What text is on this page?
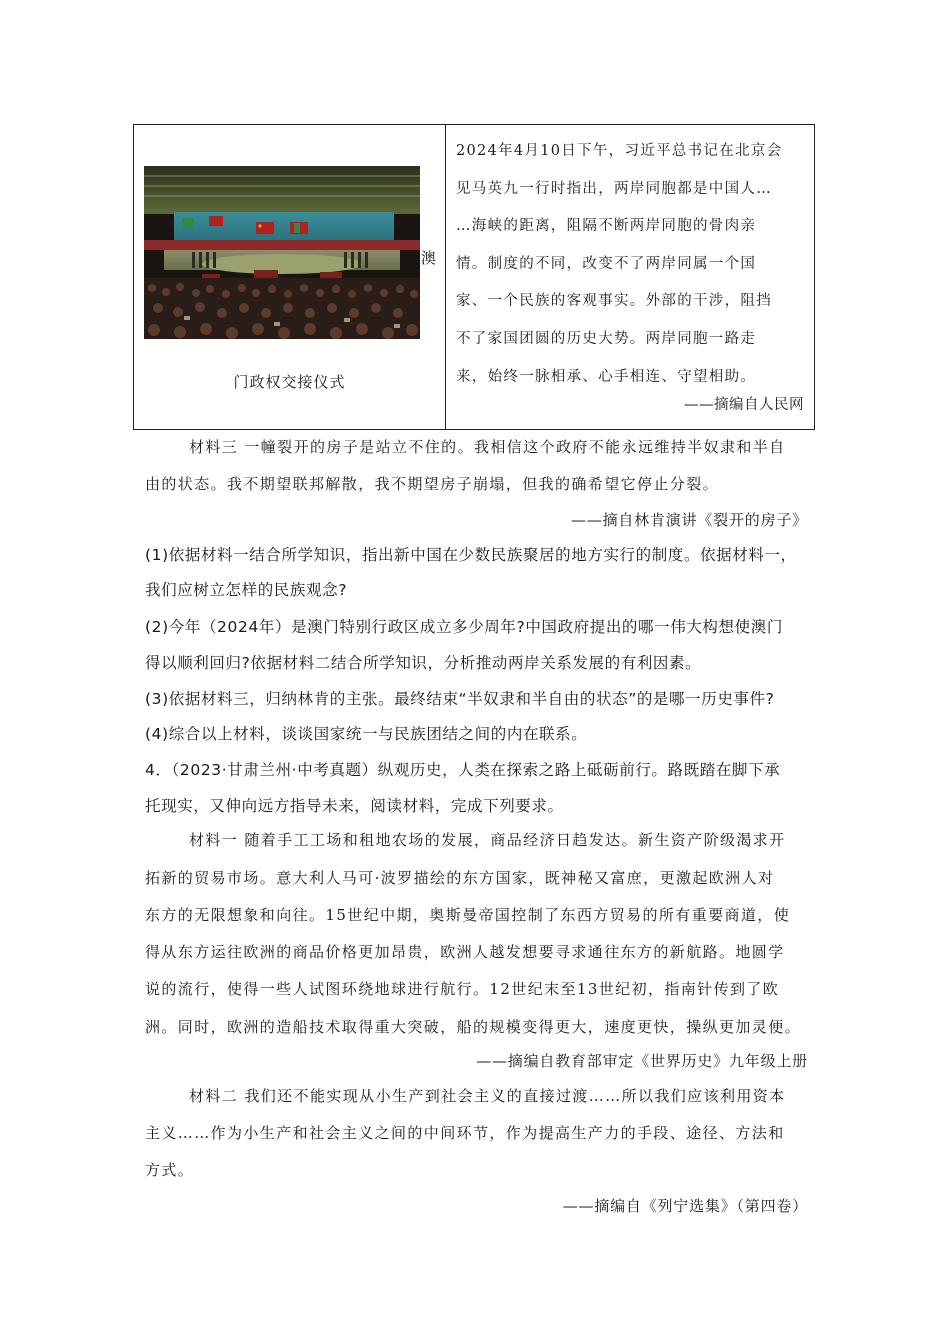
澳
门政权交接仪式
2024年4月10日下午，习近平总书记在北京会
见马英九一行时指出，两岸同胞都是中国人…
…海峡的距离，阻隔不断两岸同胞的骨肉亲
情。制度的不同，改变不了两岸同属一个国
家、一个民族的客观事实。外部的干涉，阻挡
不了家国团圆的历史大势。两岸同胞一路走
来，始终一脉相承、心手相连、守望相助。
——摘编自人民网
材料三 一幢裂开的房子是站立不住的。我相信这个政府不能永远维持半奴隶和半自
由的状态。我不期望联邦解散，我不期望房子崩塌，但我的确希望它停止分裂。
——摘自林肯演讲《裂开的房子》
(1)依据材料一结合所学知识，指出新中国在少数民族聚居的地方实行的制度。依据材料一，
我们应树立怎样的民族观念?
(2)今年（2024年）是澳门特别行政区成立多少周年?中国政府提出的哪一伟大构想使澳门
得以顺利回归?依据材料二结合所学知识，分析推动两岸关系发展的有利因素。
(3)依据材料三，归纳林肯的主张。最终结束“半奴隶和半自由的状态”的是哪一历史事件?
(4)综合以上材料，谈谈国家统一与民族团结之间的内在联系。
4．（2023·甘肃兰州·中考真题）纵观历史，人类在探索之路上砥砺前行。路既踏在脚下承
托现实，又伸向远方指导未来，阅读材料，完成下列要求。
材料一 随着手工工场和租地农场的发展，商品经济日趋发达。新生资产阶级渴求开
拓新的贸易市场。意大利人马可·波罗描绘的东方国家，既神秘又富庶，更激起欧洲人对
东方的无限想象和向往。15世纪中期，奥斯曼帝国控制了东西方贸易的所有重要商道，使
得从东方运往欧洲的商品价格更加昂贵，欧洲人越发想要寻求通往东方的新航路。地圆学
说的流行，使得一些人试图环绕地球进行航行。12世纪末至13世纪初，指南针传到了欧
洲。同时，欧洲的造船技术取得重大突破，船的规模变得更大，速度更快，操纵更加灵便。
——摘编自教育部审定《世界历史》九年级上册
材料二 我们还不能实现从小生产到社会主义的直接过渡……所以我们应该利用资本
主义……作为小生产和社会主义之间的中间环节，作为提高生产力的手段、途径、方法和
方式。
——摘编自《列宁选集》（第四卷）
